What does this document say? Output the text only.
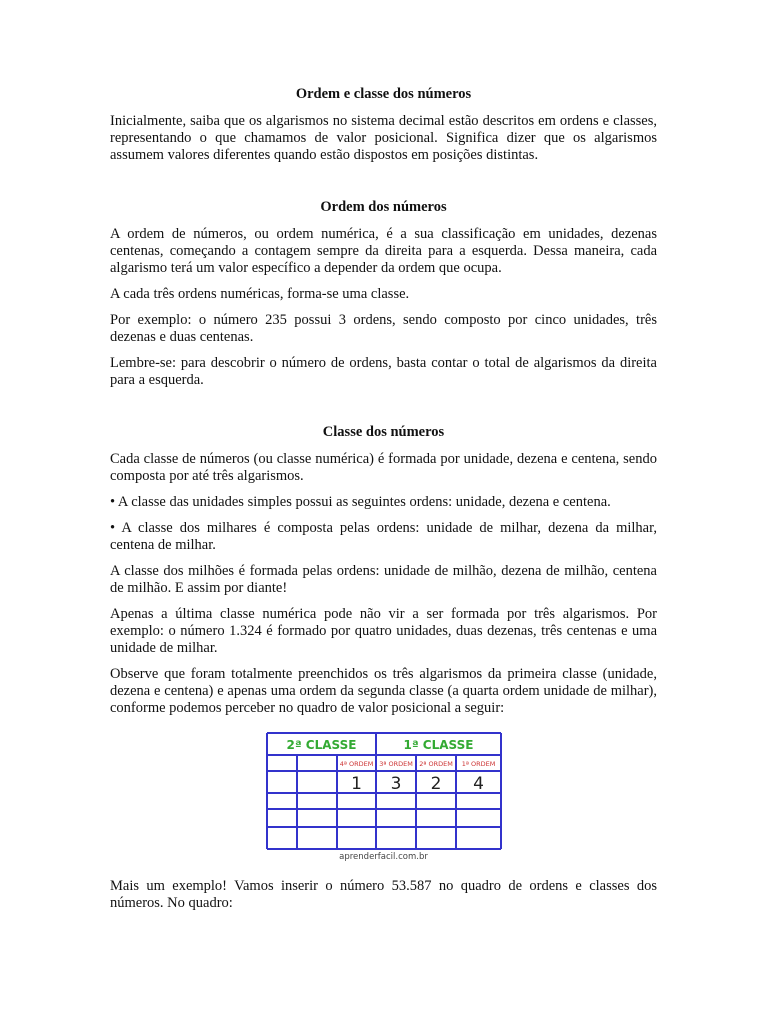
Ordem e classe dos números

Inicialmente, saiba que os algarismos no sistema decimal estão descritos em ordens e classes, representando o que chamamos de valor posicional. Significa dizer que os algarismos assumem valores diferentes quando estão dispostos em posições distintas.

Ordem dos números

A ordem de números, ou ordem numérica, é a sua classificação em unidades, dezenas centenas, começando a contagem sempre da direita para a esquerda. Dessa maneira, cada algarismo terá um valor específico a depender da ordem que ocupa.

A cada três ordens numéricas, forma-se uma classe.

Por exemplo: o número 235 possui 3 ordens, sendo composto por cinco unidades, três dezenas e duas centenas.

Lembre-se: para descobrir o número de ordens, basta contar o total de algarismos da direita para a esquerda.

Classe dos números

Cada classe de números (ou classe numérica) é formada por unidade, dezena e centena, sendo composta por até três algarismos.

• A classe das unidades simples possui as seguintes ordens: unidade, dezena e centena.

• A classe dos milhares é composta pelas ordens: unidade de milhar, dezena da milhar, centena de milhar.

A classe dos milhões é formada pelas ordens: unidade de milhão, dezena de milhão, centena de milhão. E assim por diante!

Apenas a última classe numérica pode não vir a ser formada por três algarismos. Por exemplo: o número 1.324 é formado por quatro unidades, duas dezenas, três centenas e uma unidade de milhar.

Observe que foram totalmente preenchidos os três algarismos da primeira classe (unidade, dezena e centena) e apenas uma ordem da segunda classe (a quarta ordem unidade de milhar), conforme podemos perceber no quadro de valor posicional a seguir:

2ª CLASSE	1ª CLASSE
4ª ORDEM 3ª ORDEM 2ª ORDEM 1ª ORDEM
1 3 2 4
aprenderfacil.com.br

Mais um exemplo! Vamos inserir o número 53.587 no quadro de ordens e classes dos números. No quadro:
